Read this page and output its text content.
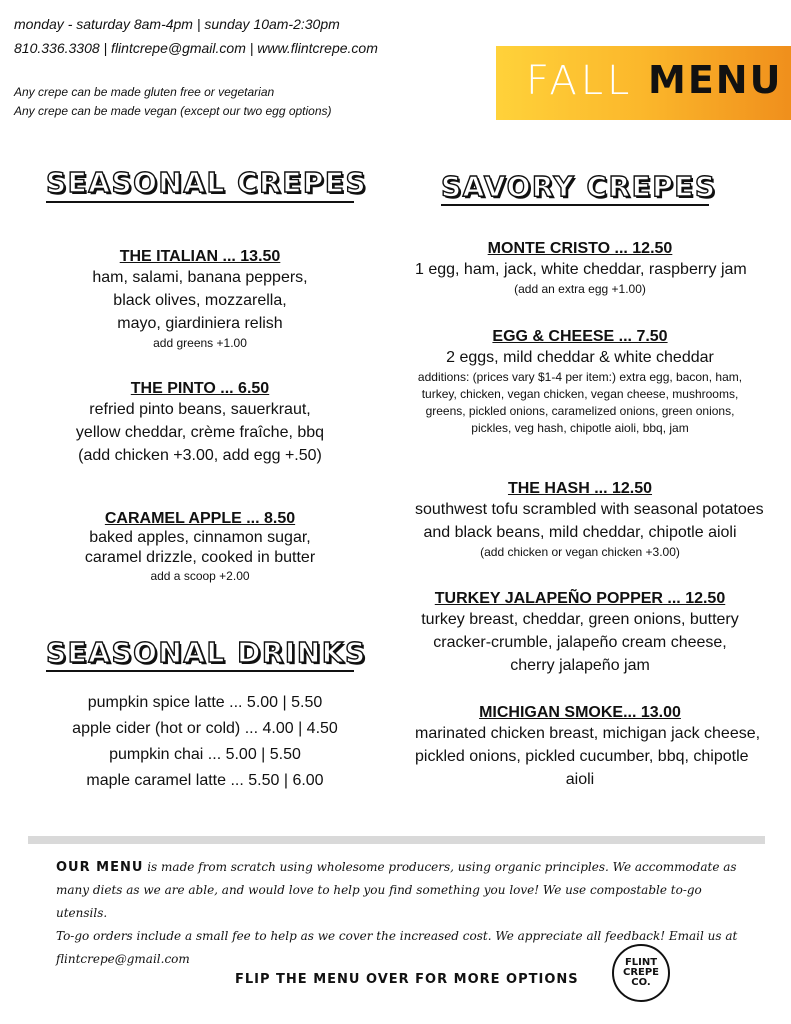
monday - saturday 8am-4pm | sunday 10am-2:30pm
810.336.3308 | flintcrepe@gmail.com | www.flintcrepe.com
Any crepe can be made gluten free or vegetarian
Any crepe can be made vegan (except our two egg options)
FALL MENU
SEASONAL CREPES
THE ITALIAN ... 13.50
ham, salami, banana peppers,
black olives, mozzarella,
mayo, giardiniera relish
add greens +1.00
THE PINTO ... 6.50
refried pinto beans, sauerkraut,
yellow cheddar, crème fraîche, bbq
(add chicken +3.00, add egg +.50)
CARAMEL APPLE ... 8.50
baked apples, cinnamon sugar,
caramel drizzle, cooked in butter
add a scoop +2.00
SEASONAL DRINKS
pumpkin spice latte ... 5.00 | 5.50
apple cider (hot or cold) ... 4.00 | 4.50
pumpkin chai ... 5.00 | 5.50
maple caramel latte ... 5.50 | 6.00
SAVORY CREPES
MONTE CRISTO ... 12.50
1 egg, ham, jack, white cheddar, raspberry jam
(add an extra egg +1.00)
EGG & CHEESE ... 7.50
2 eggs, mild cheddar & white cheddar
additions: (prices vary $1-4 per item:) extra egg, bacon, ham,
turkey, chicken, vegan chicken, vegan cheese, mushrooms,
greens, pickled onions, caramelized onions, green onions,
pickles, veg hash, chipotle aioli, bbq, jam
THE HASH ... 12.50
southwest tofu scrambled with seasonal potatoes
and black beans, mild cheddar, chipotle aioli
(add chicken or vegan chicken +3.00)
TURKEY JALAPEÑO POPPER ... 12.50
turkey breast, cheddar, green onions, buttery
cracker-crumble, jalapeño cream cheese,
cherry jalapeño jam
MICHIGAN SMOKE... 13.00
marinated chicken breast, michigan jack cheese,
pickled onions, pickled cucumber, bbq, chipotle
aioli
OUR MENU is made from scratch using wholesome producers, using organic principles. We accommodate as
many diets as we are able, and would love to help you find something you love! We use compostable to-go utensils.
To-go orders include a small fee to help as we cover the increased cost. We appreciate all feedback! Email us at
flintcrepe@gmail.com
FLIP THE MENU OVER FOR MORE OPTIONS
FLINT
CREPE
CO.
